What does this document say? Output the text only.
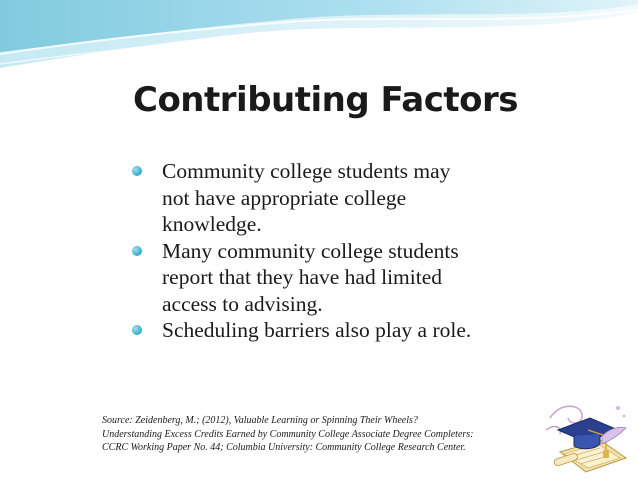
Contributing Factors
Community college students may not have appropriate college knowledge.
Many community college students report that they have had limited access to advising.
Scheduling barriers also play a role.
Source: Zeidenberg, M.; (2012), Valuable Learning or Spinning Their Wheels?
Understanding Excess Credits Earned by Community College Associate Degree Completers:
CCRC Working Paper No. 44; Columbia University: Community College Research Center.
